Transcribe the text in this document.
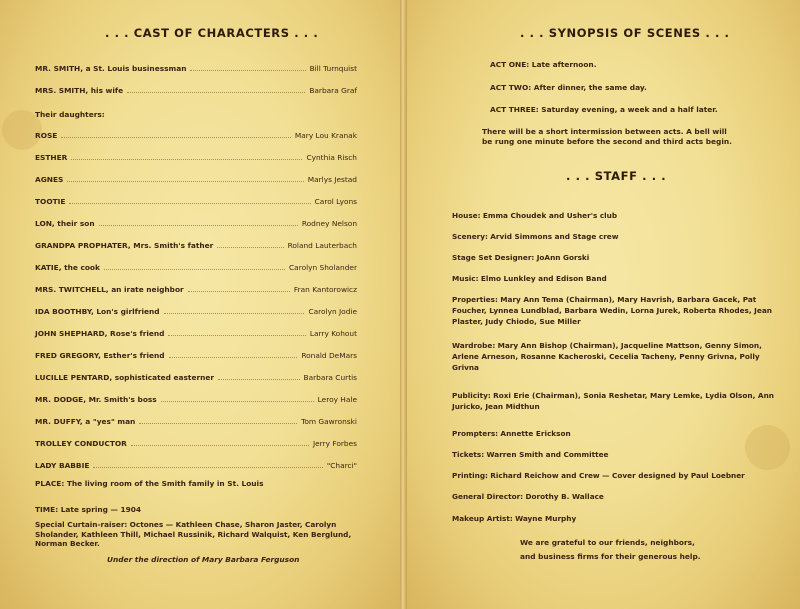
. . . CAST OF CHARACTERS . . .
MR. SMITH, a St. Louis businessman	Bill Turnquist
MRS. SMITH, his wife	Barbara Graf
Their daughters:
ROSE	Mary Lou Kranak
ESTHER	Cynthia Risch
AGNES	Marlys Jestad
TOOTIE	Carol Lyons
LON, their son	Rodney Nelson
GRANDPA PROPHATER, Mrs. Smith's father	Roland Lauterbach
KATIE, the cook	Carolyn Sholander
MRS. TWITCHELL, an irate neighbor	Fran Kantorowicz
IDA BOOTHBY, Lon's girlfriend	Carolyn Jodie
JOHN SHEPHARD, Rose's friend	Larry Kohout
FRED GREGORY, Esther's friend	Ronald DeMars
LUCILLE PENTARD, sophisticated easterner	Barbara Curtis
MR. DODGE, Mr. Smith's boss	Leroy Hale
MR. DUFFY, a "yes" man	Tom Gawronski
TROLLEY CONDUCTOR	Jerry Forbes
LADY BABBIE	"Charci"
PLACE: The living room of the Smith family in St. Louis
TIME: Late spring — 1904
Special Curtain-raiser: Octones — Kathleen Chase, Sharon Jaster, Carolyn Sholander, Kathleen Thill, Michael Russinik, Richard Walquist, Ken Berglund, Norman Becker.
Under the direction of Mary Barbara Ferguson
. . . SYNOPSIS OF SCENES . . .
ACT ONE: Late afternoon.
ACT TWO: After dinner, the same day.
ACT THREE: Saturday evening, a week and a half later.
There will be a short intermission between acts. A bell will
be rung one minute before the second and third acts begin.
. . . STAFF . . .
House: Emma Choudek and Usher's club
Scenery: Arvid Simmons and Stage crew
Stage Set Designer: JoAnn Gorski
Music: Elmo Lunkley and Edison Band
Properties: Mary Ann Tema (Chairman), Mary Havrish, Barbara Gacek, Pat Foucher, Lynnea Lundblad, Barbara Wedin, Lorna Jurek, Roberta Rhodes, Jean Plaster, Judy Chiodo, Sue Miller
Wardrobe: Mary Ann Bishop (Chairman), Jacqueline Mattson, Genny Simon, Arlene Arneson, Rosanne Kacheroski, Cecelia Tacheny, Penny Grivna, Polly Grivna
Publicity: Roxi Erie (Chairman), Sonia Reshetar, Mary Lemke, Lydia Olson, Ann Juricko, Jean Midthun
Prompters: Annette Erickson
Tickets: Warren Smith and Committee
Printing: Richard Reichow and Crew — Cover designed by Paul Loebner
General Director: Dorothy B. Wallace
Makeup Artist: Wayne Murphy
We are grateful to our friends, neighbors,
and business firms for their generous help.
